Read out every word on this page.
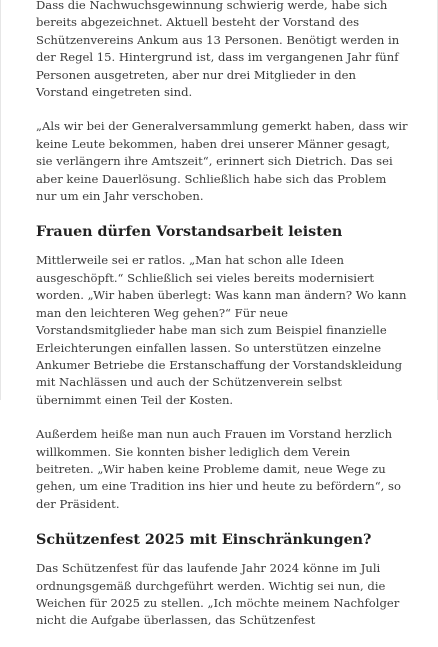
Dass die Nachwuchsgewinnung schwierig werde, habe sich bereits abgezeichnet. Aktuell besteht der Vorstand des Schützenvereins Ankum aus 13 Personen. Benötigt werden in der Regel 15. Hintergrund ist, dass im vergangenen Jahr fünf Personen ausgetreten, aber nur drei Mitglieder in den Vorstand eingetreten sind.

„Als wir bei der Generalversammlung gemerkt haben, dass wir keine Leute bekommen, haben drei unserer Männer gesagt, sie verlängern ihre Amtszeit“, erinnert sich Dietrich. Das sei aber keine Dauerlösung. Schließlich habe sich das Problem nur um ein Jahr verschoben.

Frauen dürfen Vorstandsarbeit leisten

Mittlerweile sei er ratlos. „Man hat schon alle Ideen ausgeschöpft.“ Schließlich sei vieles bereits modernisiert worden. „Wir haben überlegt: Was kann man ändern? Wo kann man den leichteren Weg gehen?“ Für neue Vorstandsmitglieder habe man sich zum Beispiel finanzielle Erleichterungen einfallen lassen. So unterstützen einzelne Ankumer Betriebe die Erstanschaffung der Vorstandskleidung mit Nachlässen und auch der Schützenverein selbst übernimmt einen Teil der Kosten.

Außerdem heiße man nun auch Frauen im Vorstand herzlich willkommen. Sie konnten bisher lediglich dem Verein beitreten. „Wir haben keine Probleme damit, neue Wege zu gehen, um eine Tradition ins hier und heute zu befördern“, so der Präsident.

Schützenfest 2025 mit Einschränkungen?

Das Schützenfest für das laufende Jahr 2024 könne im Juli ordnungsgemäß durchgeführt werden. Wichtig sei nun, die Weichen für 2025 zu stellen. „Ich möchte meinem Nachfolger nicht die Aufgabe überlassen, das Schützenfest
